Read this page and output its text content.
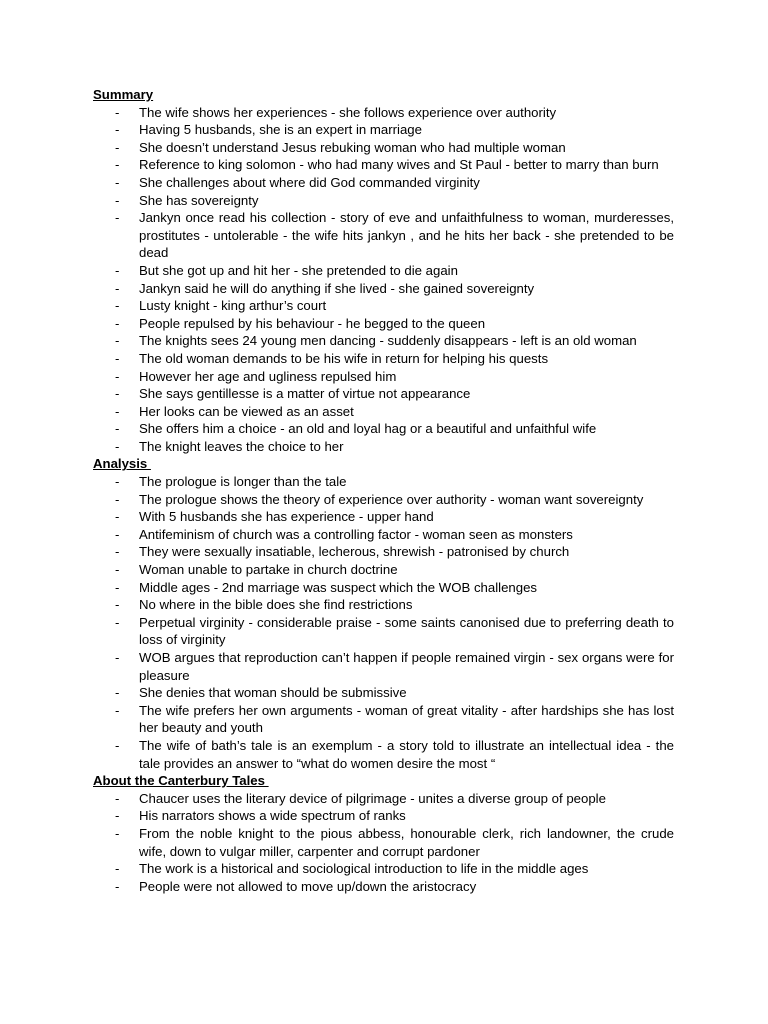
Summary

- The wife shows her experiences - she follows experience over authority
- Having 5 husbands, she is an expert in marriage
- She doesn’t understand Jesus rebuking woman who had multiple woman
- Reference to king solomon - who had many wives and St Paul - better to marry than burn
- She challenges about where did God commanded virginity
- She has sovereignty
- Jankyn once read his collection - story of eve and unfaithfulness to woman, murderesses, prostitutes - untolerable - the wife hits jankyn , and he hits her back - she pretended to be dead
- But she got up and hit her - she pretended to die again
- Jankyn said he will do anything if she lived - she gained sovereignty
- Lusty knight - king arthur’s court
- People repulsed by his behaviour - he begged to the queen
- The knights sees 24 young men dancing - suddenly disappears - left is an old woman
- The old woman demands to be his wife in return for helping his quests
- However her age and ugliness repulsed him
- She says gentillesse is a matter of virtue not appearance
- Her looks can be viewed as an asset
- She offers him a choice - an old and loyal hag or a beautiful and unfaithful wife
- The knight leaves the choice to her

Analysis

- The prologue is longer than the tale
- The prologue shows the theory of experience over authority - woman want sovereignty
- With 5 husbands she has experience - upper hand
- Antifeminism of church was a controlling factor - woman seen as monsters
- They were sexually insatiable, lecherous, shrewish - patronised by church
- Woman unable to partake in church doctrine
- Middle ages - 2nd marriage was suspect which the WOB challenges
- No where in the bible does she find restrictions
- Perpetual virginity - considerable praise - some saints canonised due to preferring death to loss of virginity
- WOB argues that reproduction can’t happen if people remained virgin - sex organs were for pleasure
- She denies that woman should be submissive
- The wife prefers her own arguments - woman of great vitality - after hardships she has lost her beauty and youth
- The wife of bath’s tale is an exemplum - a story told to illustrate an intellectual idea - the tale provides an answer to “what do women desire the most “

About the Canterbury Tales

- Chaucer uses the literary device of pilgrimage - unites a diverse group of people
- His narrators shows a wide spectrum of ranks
- From the noble knight to the pious abbess, honourable clerk, rich landowner, the crude wife, down to vulgar miller, carpenter and corrupt pardoner
- The work is a historical and sociological introduction to life in the middle ages
- People were not allowed to move up/down the aristocracy
